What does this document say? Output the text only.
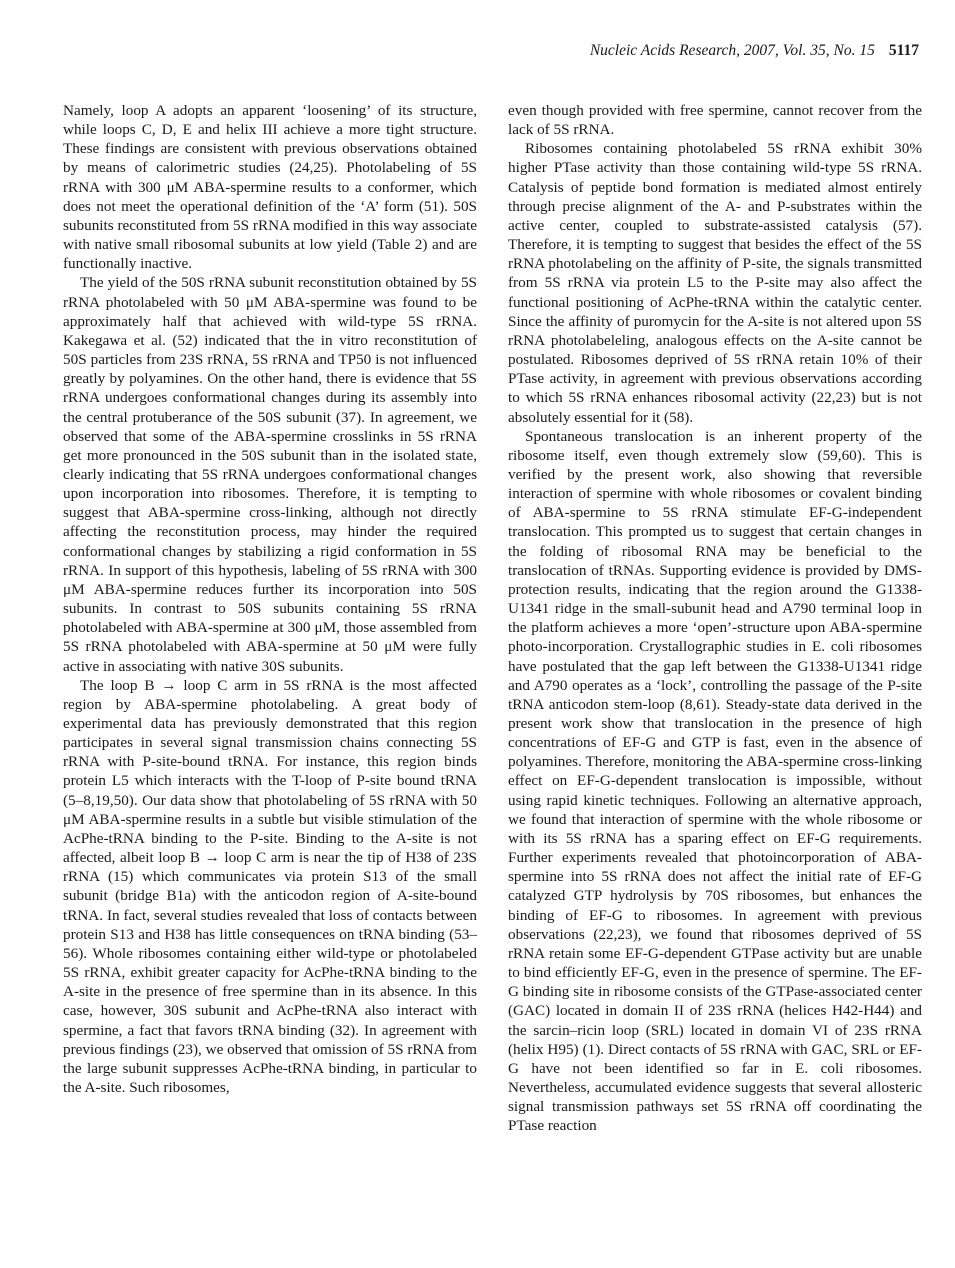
Nucleic Acids Research, 2007, Vol. 35, No. 15 5117

Namely, loop A adopts an apparent ‘loosening’ of its structure, while loops C, D, E and helix III achieve a more tight structure. These findings are consistent with previous observations obtained by means of calorimetric studies (24,25). Photolabeling of 5S rRNA with 300 μM ABA-spermine results to a conformer, which does not meet the operational definition of the ‘A’ form (51). 50S subunits reconstituted from 5S rRNA modified in this way associate with native small ribosomal subunits at low yield (Table 2) and are functionally inactive.

The yield of the 50S rRNA subunit reconstitution obtained by 5S rRNA photolabeled with 50 μM ABA-spermine was found to be approximately half that achieved with wild-type 5S rRNA. Kakegawa et al. (52) indicated that the in vitro reconstitution of 50S particles from 23S rRNA, 5S rRNA and TP50 is not influenced greatly by polyamines. On the other hand, there is evidence that 5S rRNA undergoes conformational changes during its assembly into the central protuberance of the 50S subunit (37). In agreement, we observed that some of the ABA-spermine crosslinks in 5S rRNA get more pronounced in the 50S subunit than in the isolated state, clearly indicating that 5S rRNA undergoes conformational changes upon incorporation into ribosomes. Therefore, it is tempting to suggest that ABA-spermine cross-linking, although not directly affecting the reconstitution process, may hinder the required conformational changes by stabilizing a rigid conformation in 5S rRNA. In support of this hypothesis, labeling of 5S rRNA with 300 μM ABA-spermine reduces further its incorporation into 50S subunits. In contrast to 50S subunits containing 5S rRNA photolabeled with ABA-spermine at 300 μM, those assembled from 5S rRNA photolabeled with ABA-spermine at 50 μM were fully active in associating with native 30S subunits.

The loop B → loop C arm in 5S rRNA is the most affected region by ABA-spermine photolabeling. A great body of experimental data has previously demonstrated that this region participates in several signal transmission chains connecting 5S rRNA with P-site-bound tRNA. For instance, this region binds protein L5 which interacts with the T-loop of P-site bound tRNA (5–8,19,50). Our data show that photolabeling of 5S rRNA with 50 μM ABA-spermine results in a subtle but visible stimulation of the AcPhe-tRNA binding to the P-site. Binding to the A-site is not affected, albeit loop B → loop C arm is near the tip of H38 of 23S rRNA (15) which communicates via protein S13 of the small subunit (bridge B1a) with the anticodon region of A-site-bound tRNA. In fact, several studies revealed that loss of contacts between protein S13 and H38 has little consequences on tRNA binding (53–56). Whole ribosomes containing either wild-type or photolabeled 5S rRNA, exhibit greater capacity for AcPhe-tRNA binding to the A-site in the presence of free spermine than in its absence. In this case, however, 30S subunit and AcPhe-tRNA also interact with spermine, a fact that favors tRNA binding (32). In agreement with previous findings (23), we observed that omission of 5S rRNA from the large subunit suppresses AcPhe-tRNA binding, in particular to the A-site. Such ribosomes,

even though provided with free spermine, cannot recover from the lack of 5S rRNA.

Ribosomes containing photolabeled 5S rRNA exhibit 30% higher PTase activity than those containing wild-type 5S rRNA. Catalysis of peptide bond formation is mediated almost entirely through precise alignment of the A- and P-substrates within the active center, coupled to substrate-assisted catalysis (57). Therefore, it is tempting to suggest that besides the effect of the 5S rRNA photolabeling on the affinity of P-site, the signals transmitted from 5S rRNA via protein L5 to the P-site may also affect the functional positioning of AcPhe-tRNA within the catalytic center. Since the affinity of puromycin for the A-site is not altered upon 5S rRNA photolabeleling, analogous effects on the A-site cannot be postulated. Ribosomes deprived of 5S rRNA retain 10% of their PTase activity, in agreement with previous observations according to which 5S rRNA enhances ribosomal activity (22,23) but is not absolutely essential for it (58).

Spontaneous translocation is an inherent property of the ribosome itself, even though extremely slow (59,60). This is verified by the present work, also showing that reversible interaction of spermine with whole ribosomes or covalent binding of ABA-spermine to 5S rRNA stimulate EF-G-independent translocation. This prompted us to suggest that certain changes in the folding of ribosomal RNA may be beneficial to the translocation of tRNAs. Supporting evidence is provided by DMS-protection results, indicating that the region around the G1338-U1341 ridge in the small-subunit head and A790 terminal loop in the platform achieves a more ‘open’-structure upon ABA-spermine photo-incorporation. Crystallographic studies in E. coli ribosomes have postulated that the gap left between the G1338-U1341 ridge and A790 operates as a ‘lock’, controlling the passage of the P-site tRNA anticodon stem-loop (8,61). Steady-state data derived in the present work show that translocation in the presence of high concentrations of EF-G and GTP is fast, even in the absence of polyamines. Therefore, monitoring the ABA-spermine cross-linking effect on EF-G-dependent translocation is impossible, without using rapid kinetic techniques. Following an alternative approach, we found that interaction of spermine with the whole ribosome or with its 5S rRNA has a sparing effect on EF-G requirements. Further experiments revealed that photoincorporation of ABA-spermine into 5S rRNA does not affect the initial rate of EF-G catalyzed GTP hydrolysis by 70S ribosomes, but enhances the binding of EF-G to ribosomes. In agreement with previous observations (22,23), we found that ribosomes deprived of 5S rRNA retain some EF-G-dependent GTPase activity but are unable to bind efficiently EF-G, even in the presence of spermine. The EF-G binding site in ribosome consists of the GTPase-associated center (GAC) located in domain II of 23S rRNA (helices H42-H44) and the sarcin–ricin loop (SRL) located in domain VI of 23S rRNA (helix H95) (1). Direct contacts of 5S rRNA with GAC, SRL or EF-G have not been identified so far in E. coli ribosomes. Nevertheless, accumulated evidence suggests that several allosteric signal transmission pathways set 5S rRNA off coordinating the PTase reaction
